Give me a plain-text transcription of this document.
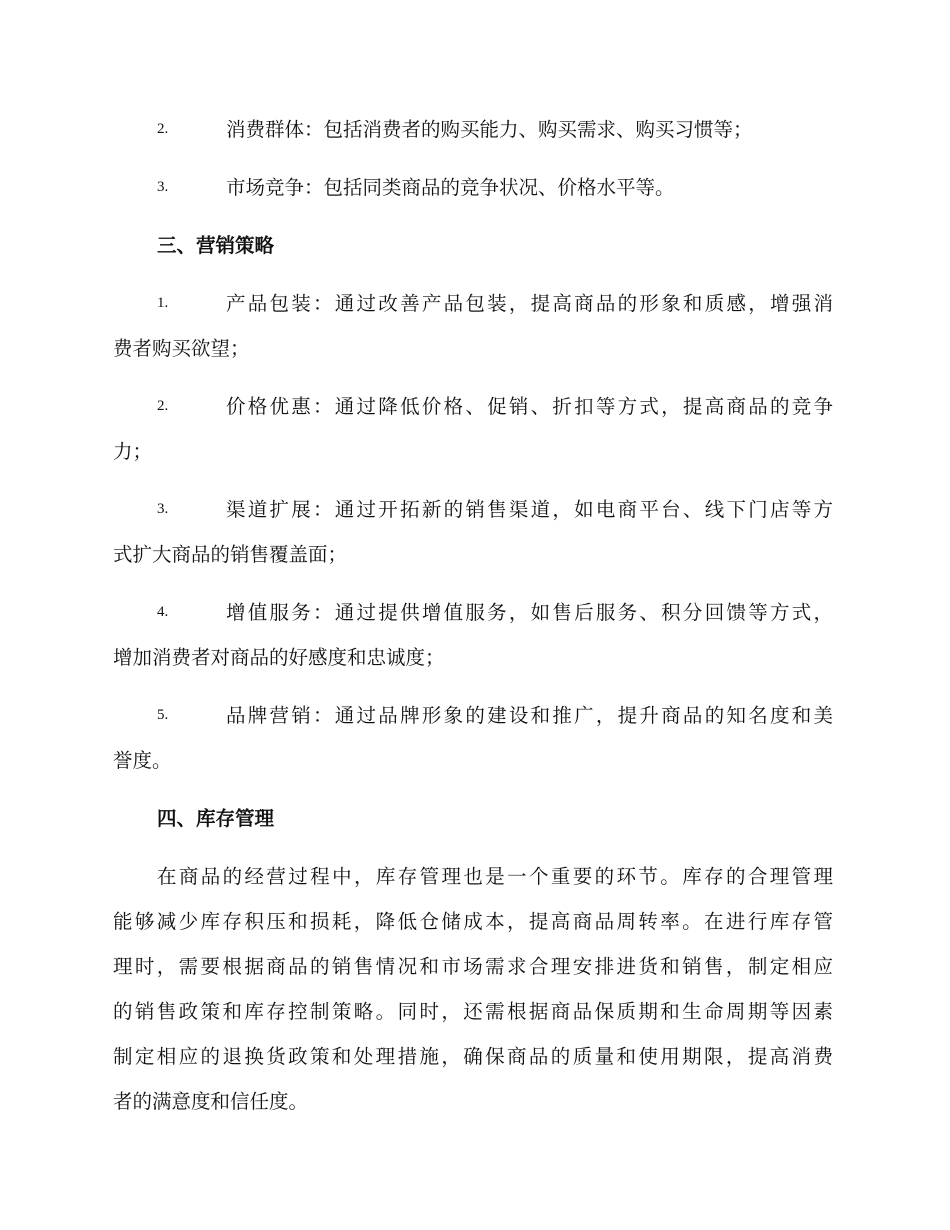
2.	消费群体：包括消费者的购买能力、购买需求、购买习惯等；
3.	市场竞争：包括同类商品的竞争状况、价格水平等。
三、营销策略
1.	产品包装：通过改善产品包装，提高商品的形象和质感，增强消
费者购买欲望；
2.	价格优惠：通过降低价格、促销、折扣等方式，提高商品的竞争
力；
3.	渠道扩展：通过开拓新的销售渠道，如电商平台、线下门店等方
式扩大商品的销售覆盖面；
4.	增值服务：通过提供增值服务，如售后服务、积分回馈等方式，
增加消费者对商品的好感度和忠诚度；
5.	品牌营销：通过品牌形象的建设和推广，提升商品的知名度和美
誉度。
四、库存管理
在商品的经营过程中，库存管理也是一个重要的环节。库存的合理管理
能够减少库存积压和损耗，降低仓储成本，提高商品周转率。在进行库存管
理时，需要根据商品的销售情况和市场需求合理安排进货和销售，制定相应
的销售政策和库存控制策略。同时，还需根据商品保质期和生命周期等因素
制定相应的退换货政策和处理措施，确保商品的质量和使用期限，提高消费
者的满意度和信任度。
